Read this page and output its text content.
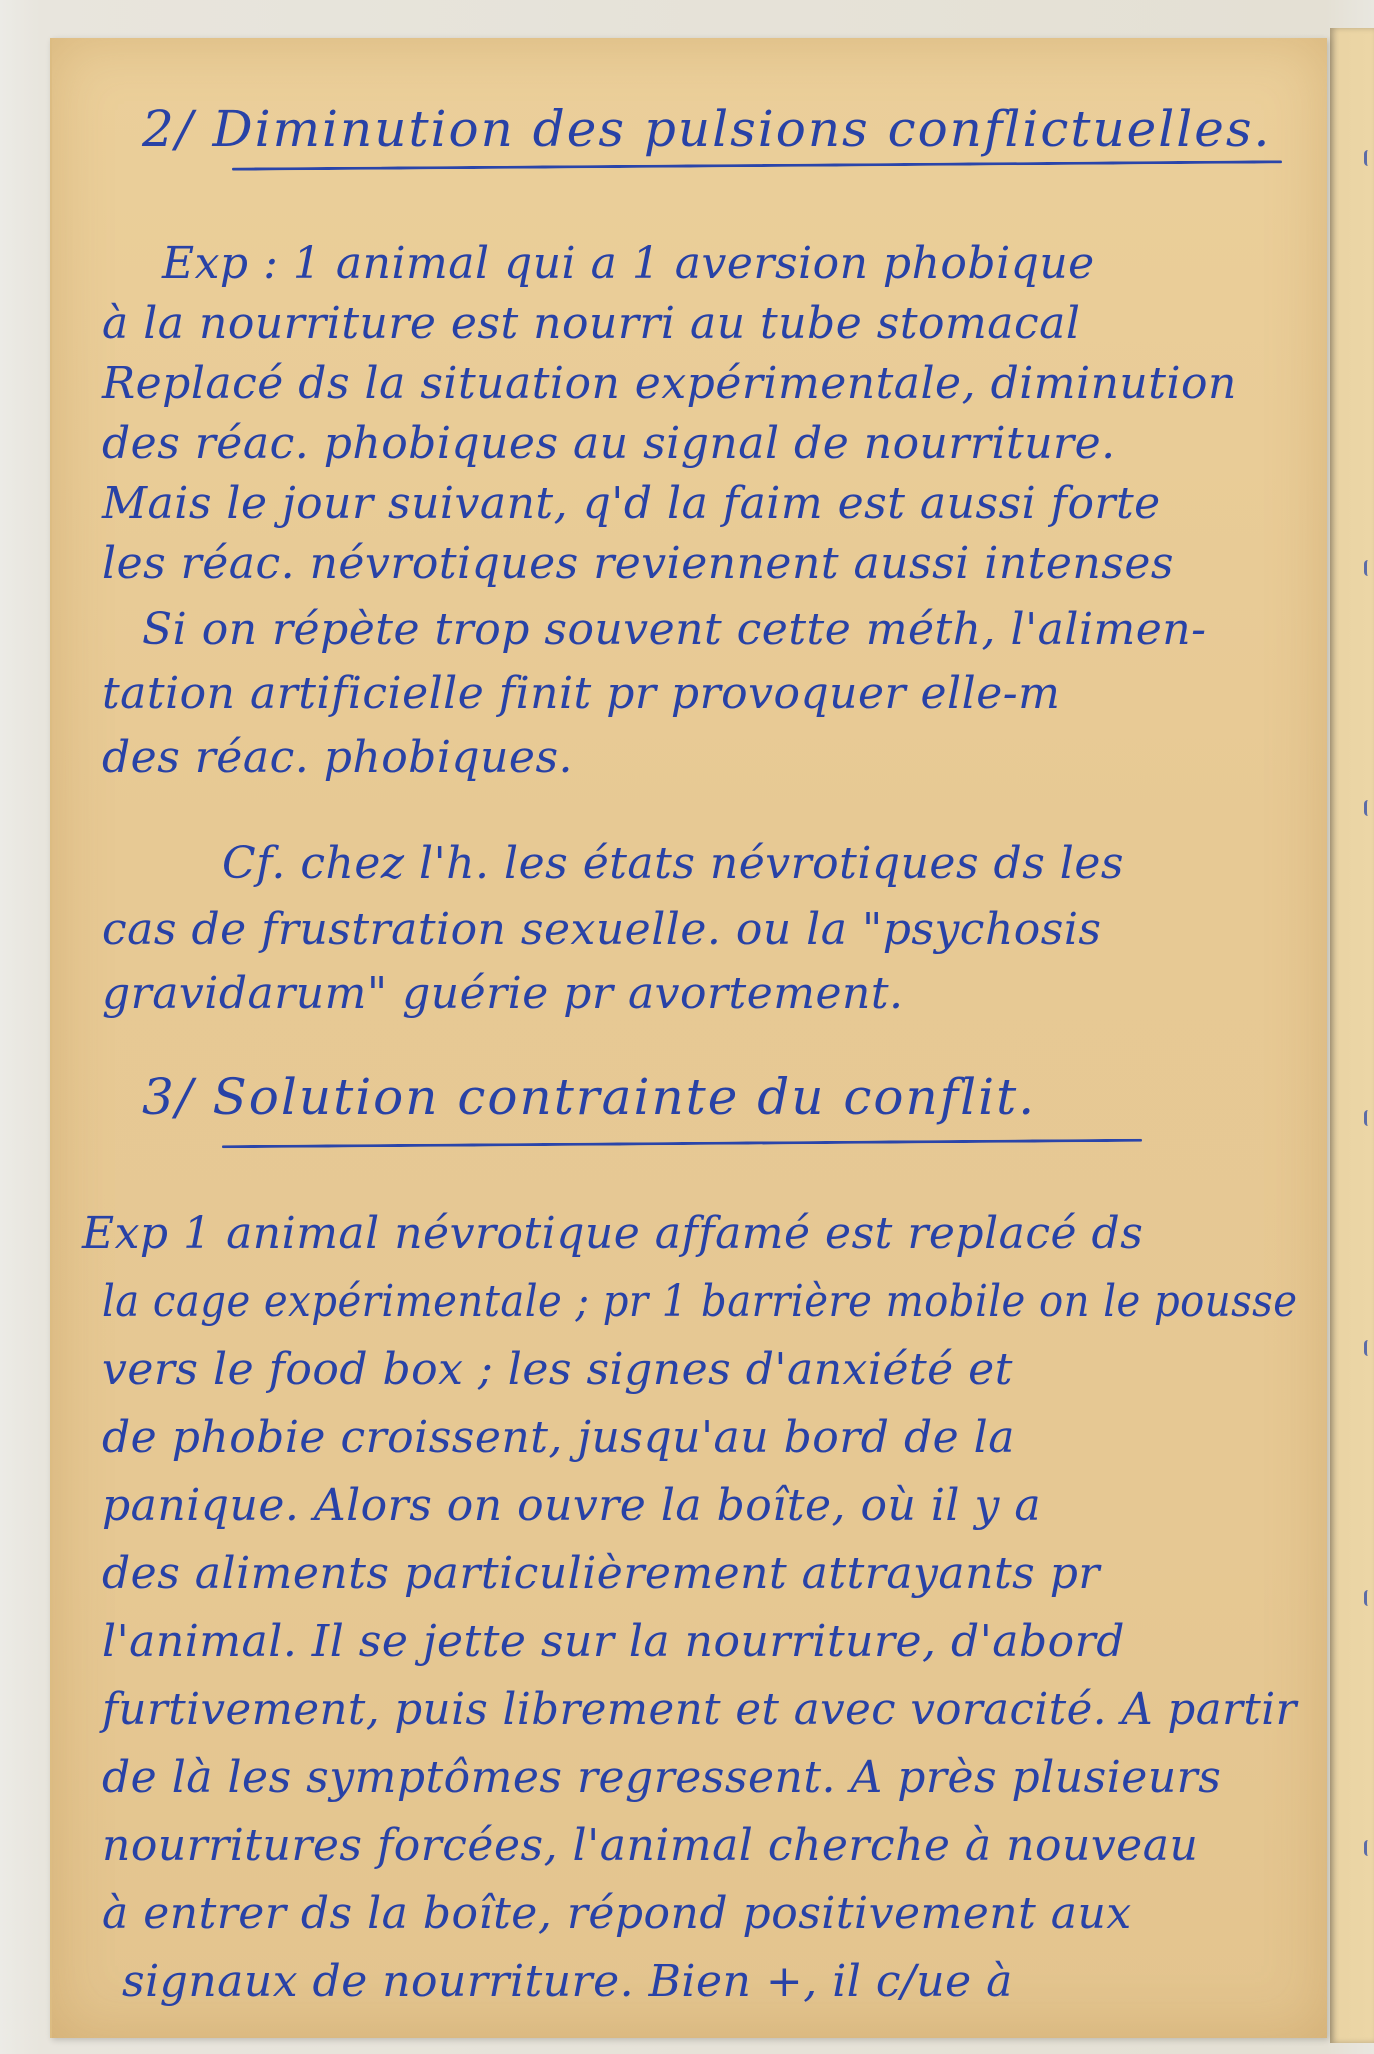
2/ Diminution des pulsions conflictuelles.

Exp : 1 animal qui a 1 aversion phobique

à la nourriture est nourri au tube stomacal

Replacé ds la situation expérimentale, diminution

des réac. phobiques au signal de nourriture.

Mais le jour suivant, q'd la faim est aussi forte

les réac. névrotiques reviennent aussi intenses

Si on répète trop souvent cette méth, l'alimen-

tation artificielle finit pr provoquer elle-m

des réac. phobiques.

Cf. chez l'h. les états névrotiques ds les

cas de frustration sexuelle. ou la "psychosis

gravidarum" guérie pr avortement.

3/ Solution contrainte du conflit.

Exp 1 animal névrotique affamé est replacé ds

la cage expérimentale ; pr 1 barrière mobile on le pousse

vers le food box ; les signes d'anxiété et

de phobie croissent, jusqu'au bord de la

panique. Alors on ouvre la boîte, où il y a

des aliments particulièrement attrayants pr

l'animal. Il se jette sur la nourriture, d'abord

furtivement, puis librement et avec voracité. A partir

de là les symptômes regressent. A près plusieurs

nourritures forcées, l'animal cherche à nouveau

à entrer ds la boîte, répond positivement aux

signaux de nourriture. Bien +, il c/ue à
